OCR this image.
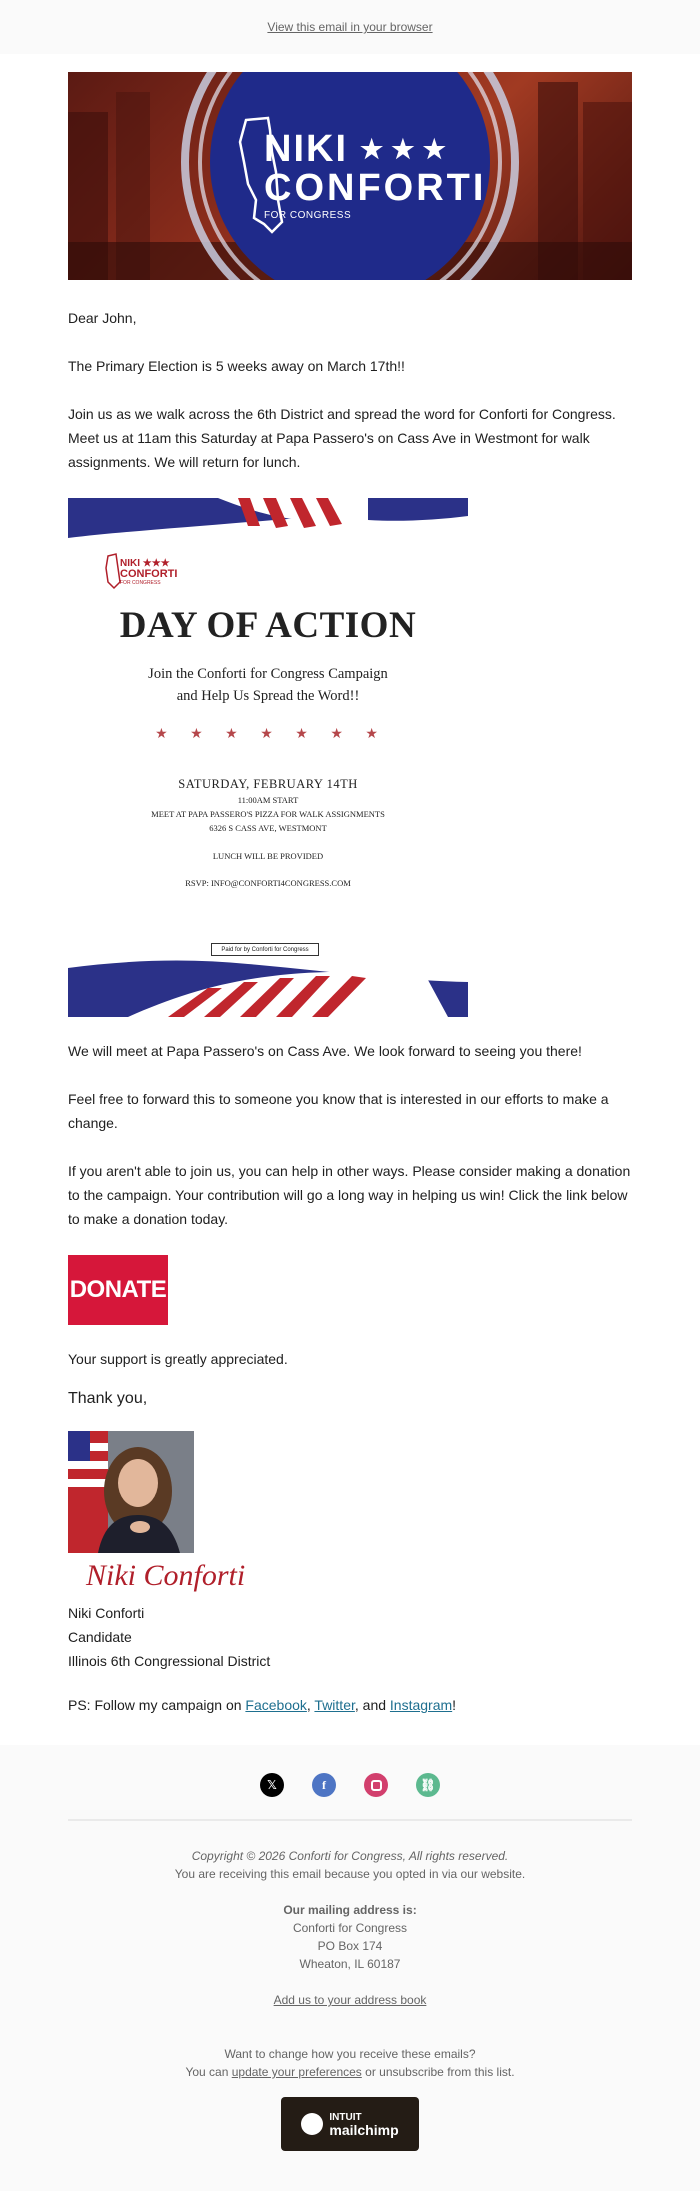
View this email in your browser
NIKI ★★★
CONFORTI
FOR CONGRESS

Dear John,

The Primary Election is 5 weeks away on March 17th!!

Join us as we walk across the 6th District and spread the word for Conforti for Congress. Meet us at 11am this Saturday at Papa Passero's on Cass Ave in Westmont for walk assignments. We will return for lunch.

NIKI ★★★
CONFORTI
FOR CONGRESS
DAY OF ACTION
Join the Conforti for Congress Campaign
and Help Us Spread the Word!!
★   ★   ★   ★   ★   ★   ★
SATURDAY, FEBRUARY 14TH
11:00AM START
MEET AT PAPA PASSERO'S PIZZA FOR WALK ASSIGNMENTS
6326 S CASS AVE, WESTMONT
LUNCH WILL BE PROVIDED
RSVP: INFO@CONFORTI4CONGRESS.COM
Paid for by Conforti for Congress

We will meet at Papa Passero's on Cass Ave. We look forward to seeing you there!

Feel free to forward this to someone you know that is interested in our efforts to make a change.

If you aren't able to join us, you can help in other ways. Please consider making a donation to the campaign. Your contribution will go a long way in helping us win! Click the link below to make a donation today.

DONATE

Your support is greatly appreciated.

Thank you,

Niki Conforti

Niki Conforti

Candidate

Illinois 6th Congressional District

PS: Follow my campaign on Facebook, Twitter, and Instagram!

𝕏	f	⛓
Copyright © 2026 Conforti for Congress, All rights reserved.
You are receiving this email because you opted in via our website.
Our mailing address is:
Conforti for Congress
PO Box 174
Wheaton, IL 60187
Add us to your address book
Want to change how you receive these emails?
You can update your preferences or unsubscribe from this list.
INTUIT
mailchimp
